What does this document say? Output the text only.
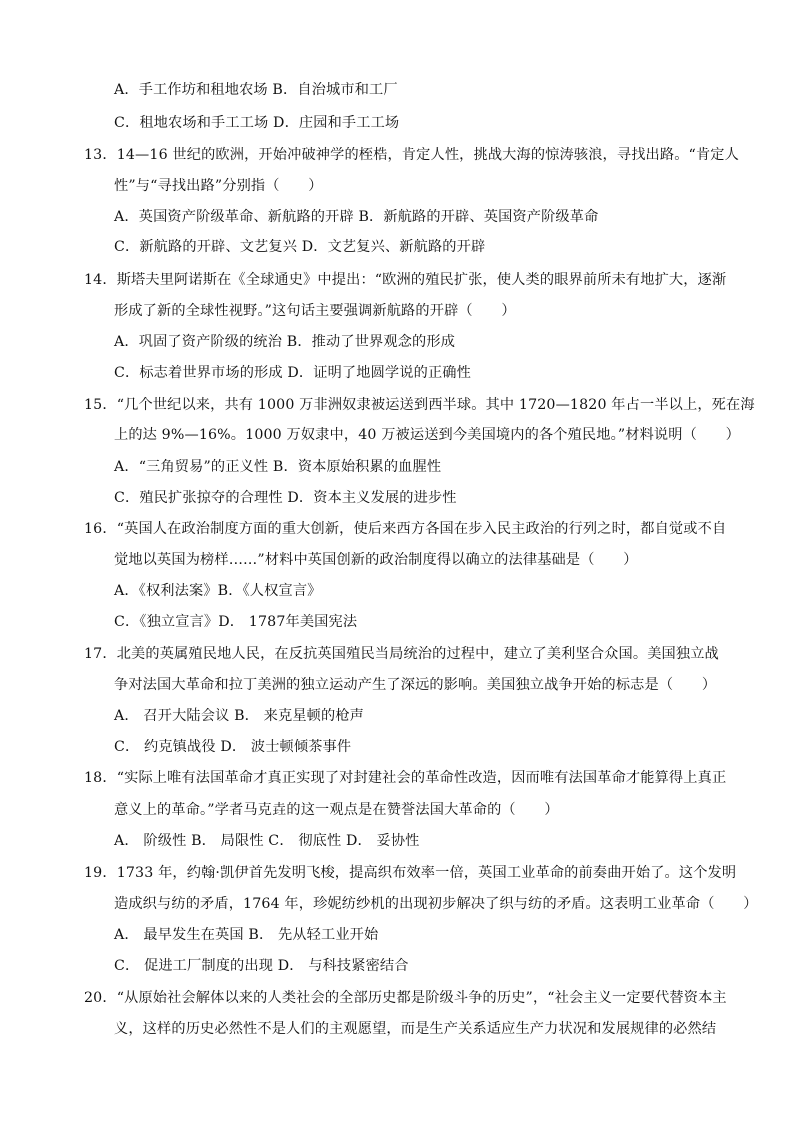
A．手工作坊和租地农场 B．自治城市和工厂
C．租地农场和手工工场 D．庄园和手工工场
13．14—16 世纪的欧洲，开始冲破神学的桎梏，肯定人性，挑战大海的惊涛骇浪，寻找出路。“肯定人
性”与“寻找出路”分别指（　　）
A．英国资产阶级革命、新航路的开辟 B．新航路的开辟、英国资产阶级革命
C．新航路的开辟、文艺复兴 D．文艺复兴、新航路的开辟
14．斯塔夫里阿诺斯在《全球通史》中提出：“欧洲的殖民扩张，使人类的眼界前所未有地扩大，逐渐
形成了新的全球性视野。”这句话主要强调新航路的开辟（　　）
A．巩固了资产阶级的统治 B．推动了世界观念的形成
C．标志着世界市场的形成 D．证明了地圆学说的正确性
15．“几个世纪以来，共有 1000 万非洲奴隶被运送到西半球。其中 1720—1820 年占一半以上，死在海
上的达 9%—16%。1000 万奴隶中，40 万被运送到今美国境内的各个殖民地。”材料说明（　　）
A．“三角贸易”的正义性 B．资本原始积累的血腥性
C．殖民扩张掠夺的合理性 D．资本主义发展的进步性
16．“英国人在政治制度方面的重大创新，使后来西方各国在步入民主政治的行列之时，都自觉或不自
觉地以英国为榜样……”材料中英国创新的政治制度得以确立的法律基础是（　　）
A．《权利法案》B．《人权宣言》
C．《独立宣言》D． 1787年美国宪法
17．北美的英属殖民地人民，在反抗英国殖民当局统治的过程中，建立了美利坚合众国。美国独立战
争对法国大革命和拉丁美洲的独立运动产生了深远的影响。美国独立战争开始的标志是（　　）
A． 召开大陆会议 B． 来克星顿的枪声
C． 约克镇战役 D． 波士顿倾茶事件
18．“实际上唯有法国革命才真正实现了对封建社会的革命性改造，因而唯有法国革命才能算得上真正
意义上的革命。”学者马克垚的这一观点是在赞誉法国大革命的（　　）
A． 阶级性 B． 局限性 C． 彻底性 D． 妥协性
19．1733 年，约翰·凯伊首先发明飞梭，提高织布效率一倍，英国工业革命的前奏曲开始了。这个发明
造成织与纺的矛盾，1764 年，珍妮纺纱机的出现初步解决了织与纺的矛盾。这表明工业革命（　　）
A． 最早发生在英国 B． 先从轻工业开始
C． 促进工厂制度的出现 D． 与科技紧密结合
20．“从原始社会解体以来的人类社会的全部历史都是阶级斗争的历史”，“社会主义一定要代替资本主
义，这样的历史必然性不是人们的主观愿望，而是生产关系适应生产力状况和发展规律的必然结
